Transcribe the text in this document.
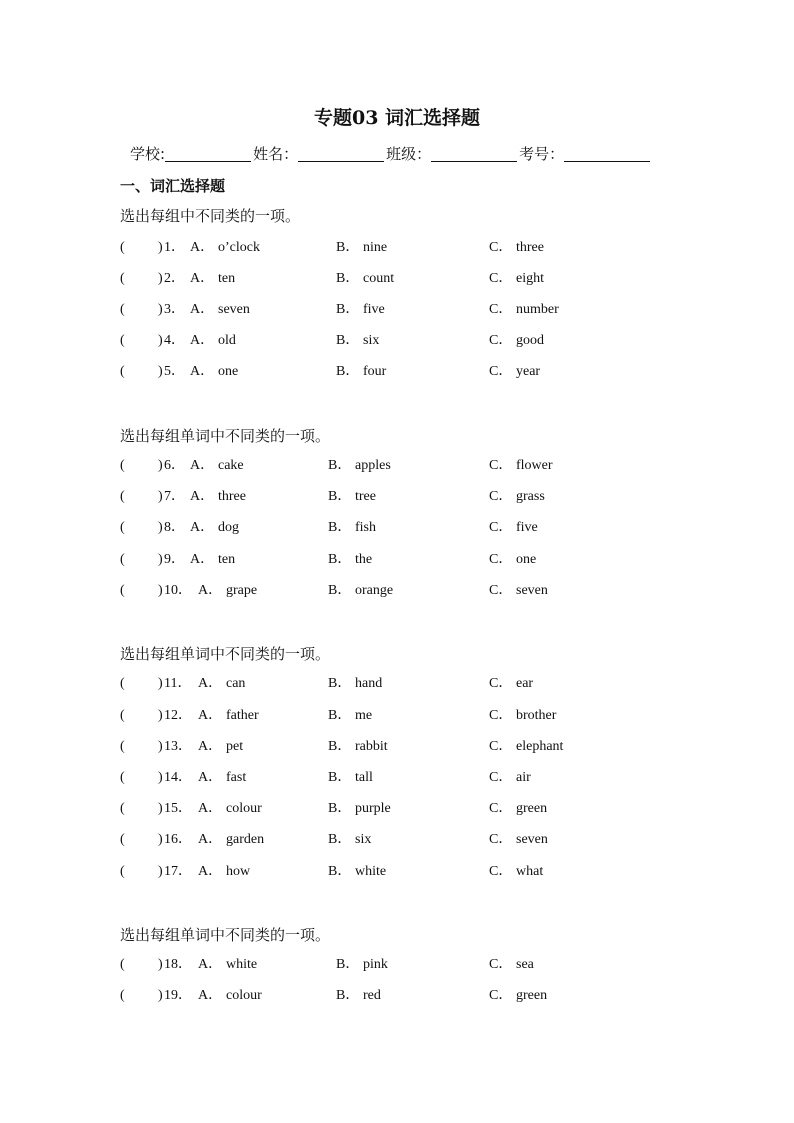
专题03 词汇选择题
学校:	姓名：	班级：	考号：
一、词汇选择题
选出每组中不同类的一项。
( ) 1． A． o’clock	B． nine	C． three
( ) 2． A． ten	B． count	C． eight
( ) 3． A． seven	B． five	C． number
( ) 4． A． old	B． six	C． good
( ) 5． A． one	B． four	C． year
选出每组单词中不同类的一项。
( ) 6． A． cake	B． apples	C． flower
( ) 7． A． three	B． tree	C． grass
( ) 8． A． dog	B． fish	C． five
( ) 9． A． ten	B． the	C． one
( ) 10． A． grape	B． orange	C． seven
选出每组单词中不同类的一项。
( ) 11． A． can	B． hand	C． ear
( ) 12． A． father	B． me	C． brother
( ) 13． A． pet	B． rabbit	C． elephant
( ) 14． A． fast	B． tall	C． air
( ) 15． A． colour	B． purple	C． green
( ) 16． A． garden	B． six	C． seven
( ) 17． A． how	B． white	C． what
选出每组单词中不同类的一项。
( ) 18． A． white	B． pink	C． sea
( ) 19． A． colour	B． red	C． green
